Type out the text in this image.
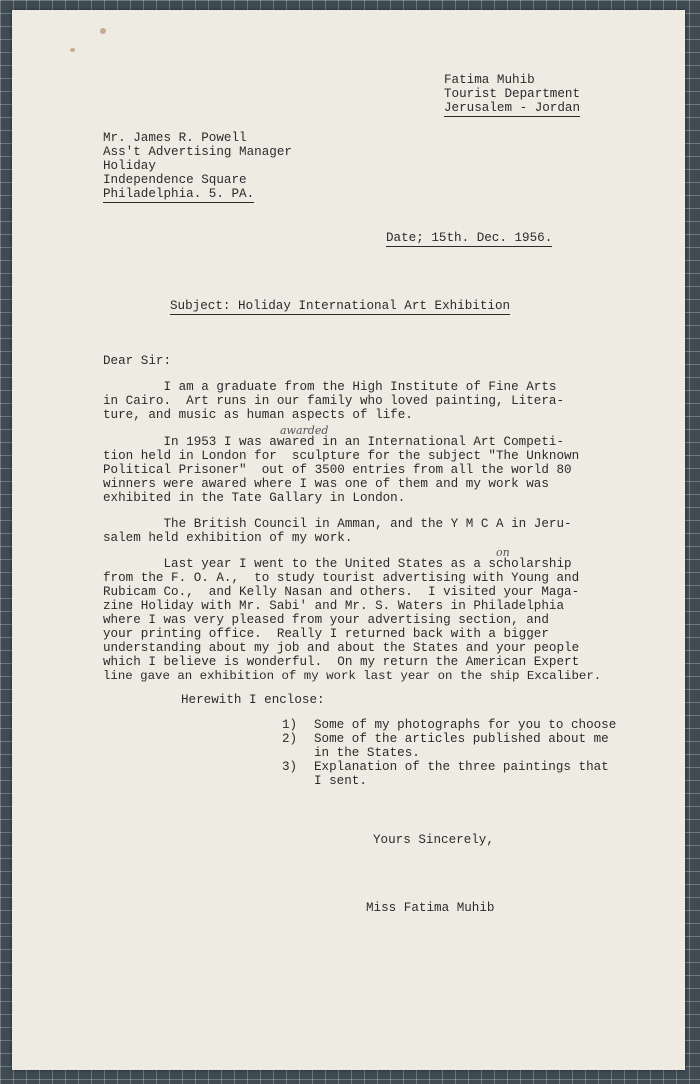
Fatima Muhib
Tourist Department
Jerusalem - Jordan
Mr. James R. Powell
Ass't Advertising Manager
Holiday
Independence Square
Philadelphia. 5. PA.
Date; 15th. Dec. 1956.
Subject: Holiday International Art Exhibition
Dear Sir:
I am a graduate from the High Institute of Fine Arts
in Cairo.  Art runs in our family who loved painting, Litera-
ture, and music as human aspects of life.
awarded
In 1953 I was awared in an International Art Competi-
tion held in London for  sculpture for the subject "The Unknown
Political Prisoner"  out of 3500 entries from all the world 80
winners were awared where I was one of them and my work was
exhibited in the Tate Gallary in London.
The British Council in Amman, and the Y M C A in Jeru-
salem held exhibition of my work.
on
Last year I went to the United States as a scholarship
from the F. O. A.,  to study tourist advertising with Young and
Rubicam Co.,  and Kelly Nasan and others.  I visited your Maga-
zine Holiday with Mr. Sabi' and Mr. S. Waters in Philadelphia
where I was very pleased from your advertising section, and
your printing office.  Really I returned back with a bigger
understanding about my job and about the States and your people
which I believe is wonderful.  On my return the American Expert
line gave an exhibition of my work last year on the ship Excaliber.
Herewith I enclose:
1) Some of my photographs for you to choose
2) Some of the articles published about me
in the States.
3) Explanation of the three paintings that
I sent.
Yours Sincerely,
Miss Fatima Muhib
